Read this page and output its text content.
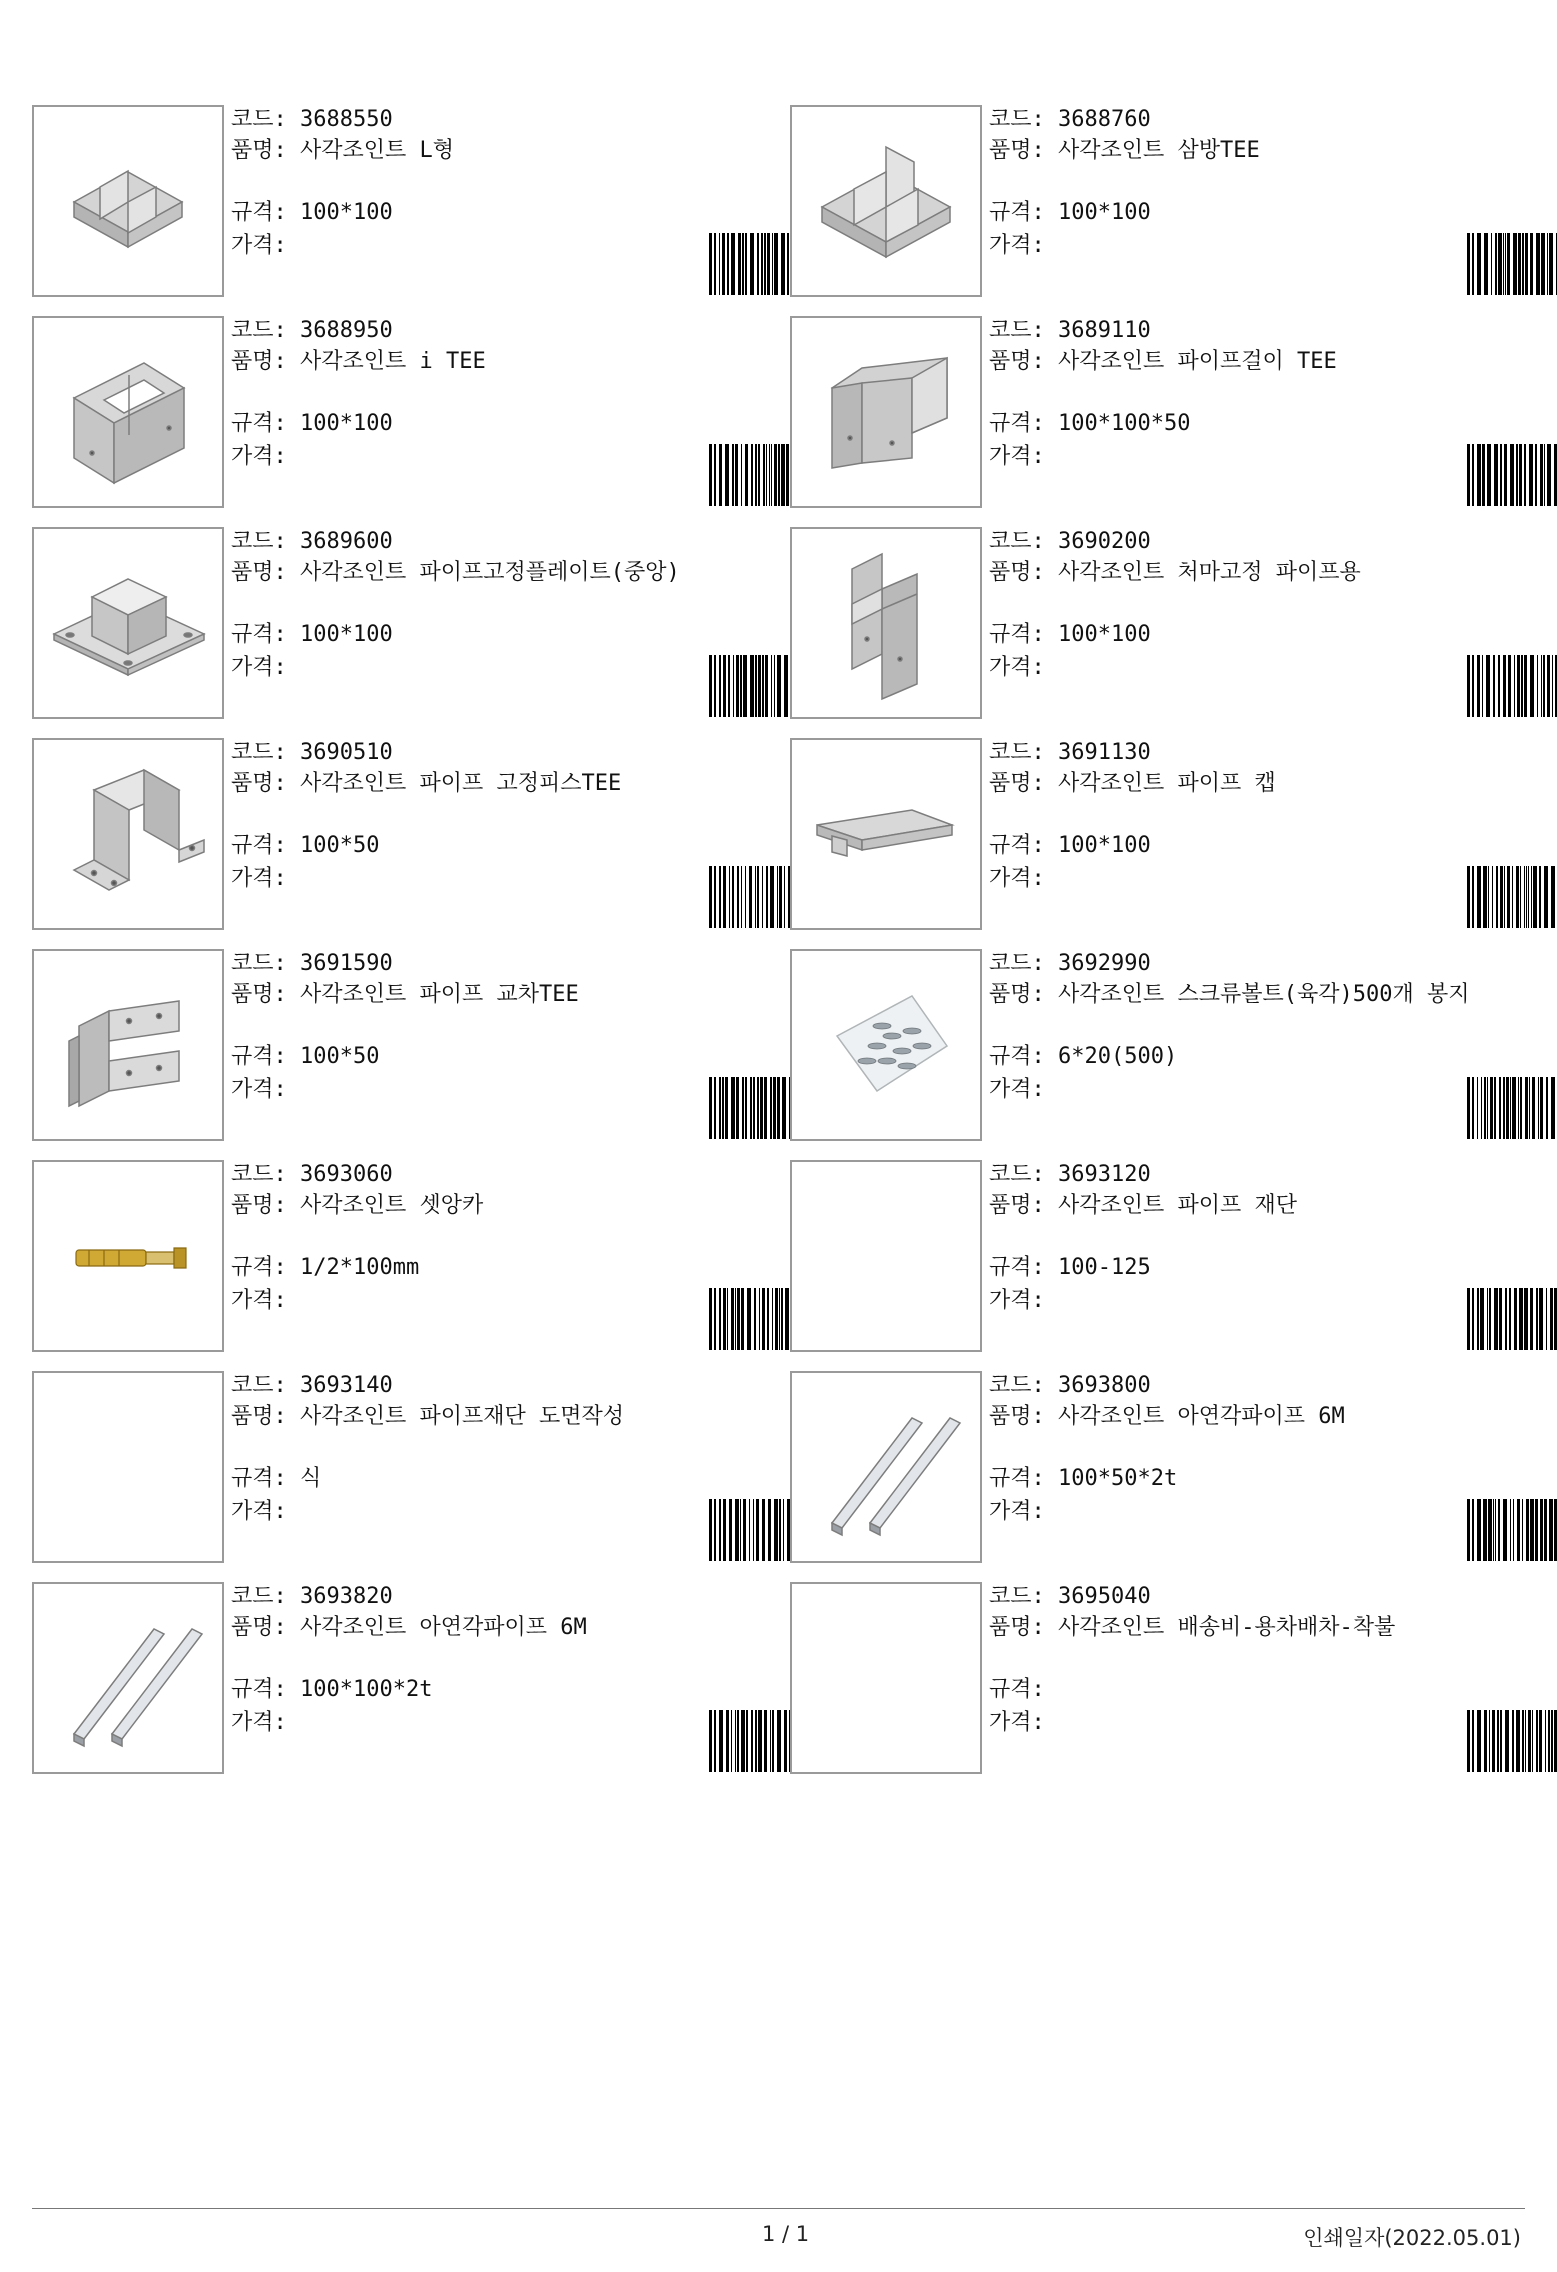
코드: 3688550
품명: 사각조인트 L형
규격: 100*100
가격:
코드: 3688760
품명: 사각조인트 삼방TEE
규격: 100*100
가격:
코드: 3688950
품명: 사각조인트 i TEE
규격: 100*100
가격:
코드: 3689110
품명: 사각조인트 파이프걸이 TEE
규격: 100*100*50
가격:
코드: 3689600
품명: 사각조인트 파이프고정플레이트(중앙)
규격: 100*100
가격:
코드: 3690200
품명: 사각조인트 처마고정 파이프용
규격: 100*100
가격:
코드: 3690510
품명: 사각조인트 파이프 고정피스TEE
규격: 100*50
가격:
코드: 3691130
품명: 사각조인트 파이프 캡
규격: 100*100
가격:
코드: 3691590
품명: 사각조인트 파이프 교차TEE
규격: 100*50
가격:
코드: 3692990
품명: 사각조인트 스크류볼트(육각)500개 봉지
규격: 6*20(500)
가격:
코드: 3693060
품명: 사각조인트 셋앙카
규격: 1/2*100mm
가격:
코드: 3693120
품명: 사각조인트 파이프 재단
규격: 100-125
가격:
코드: 3693140
품명: 사각조인트 파이프재단 도면작성
규격: 식
가격:
코드: 3693800
품명: 사각조인트 아연각파이프 6M
규격: 100*50*2t
가격:
코드: 3693820
품명: 사각조인트 아연각파이프 6M
규격: 100*100*2t
가격:
코드: 3695040
품명: 사각조인트 배송비-용차배차-착불
규격:
가격:
1 / 1	인쇄일자(2022.05.01)
